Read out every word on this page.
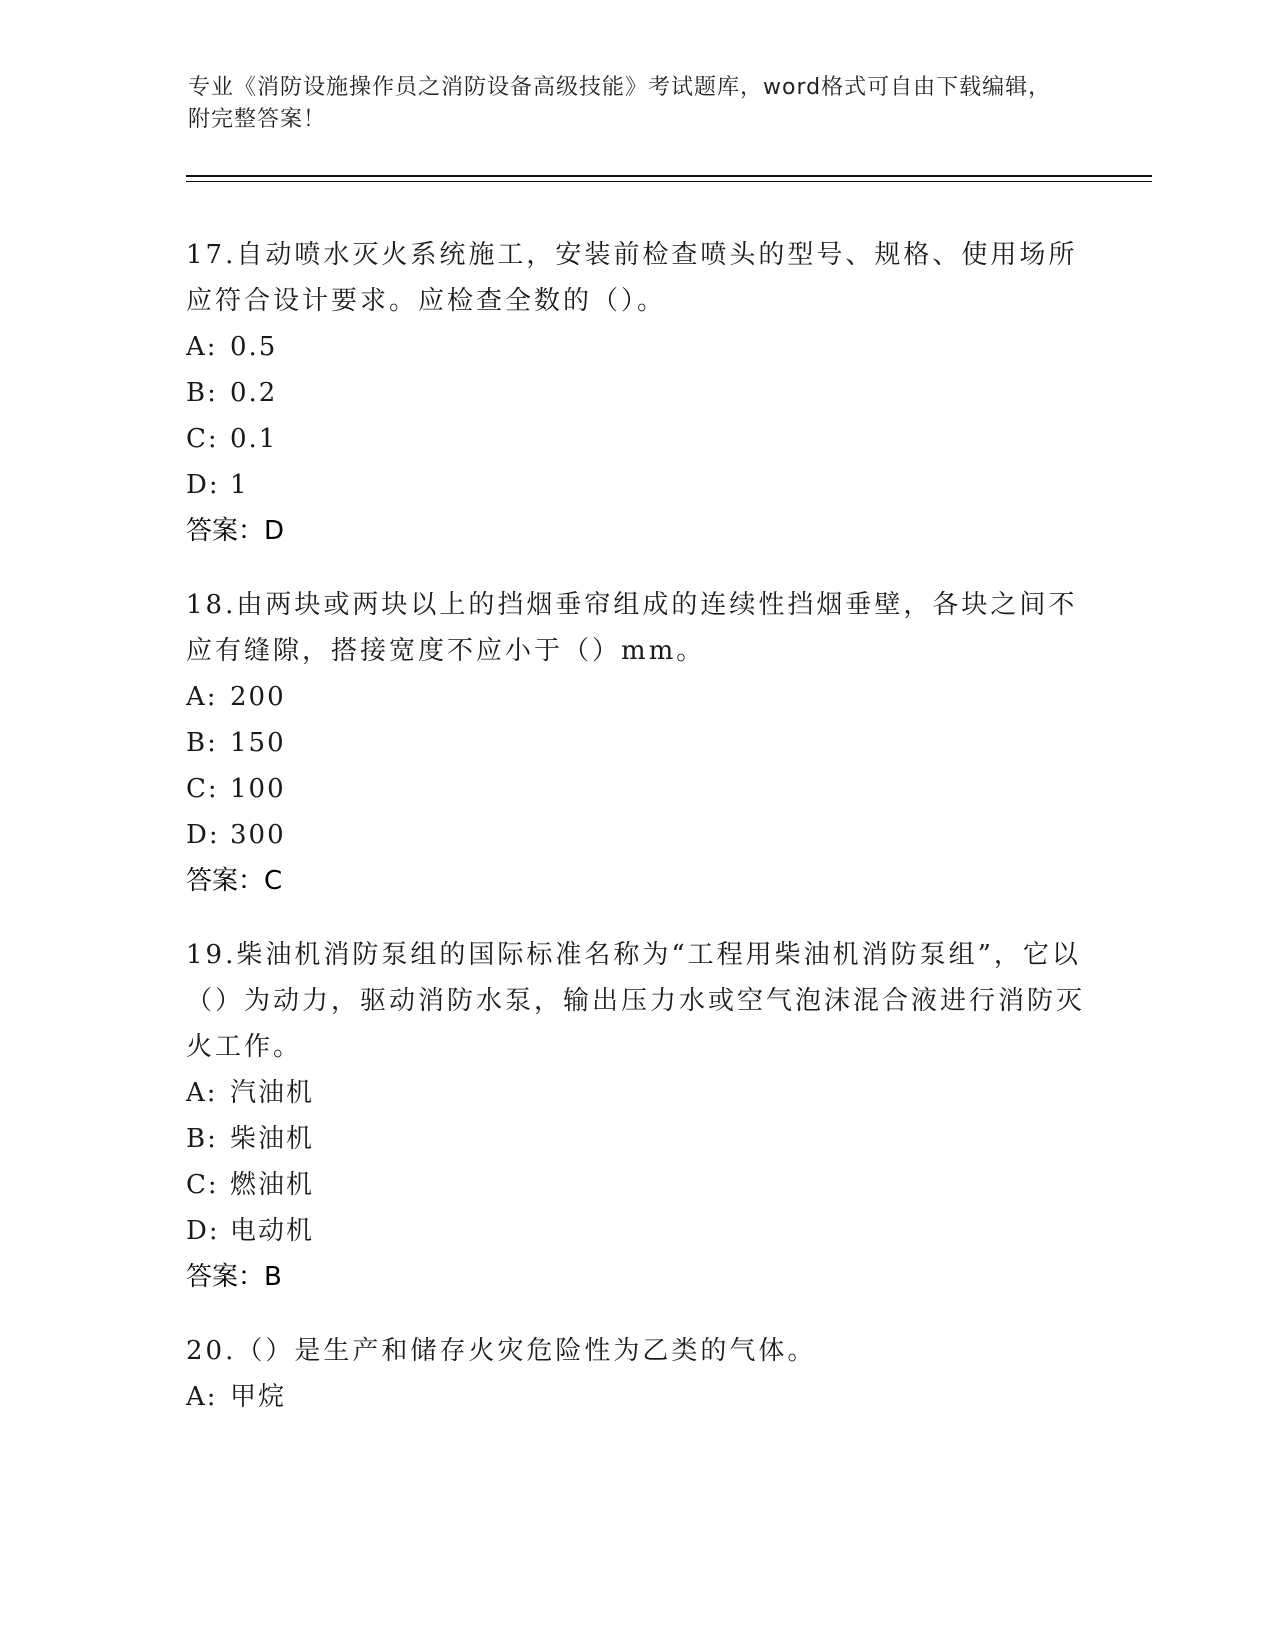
专业《消防设施操作员之消防设备高级技能》考试题库，word格式可自由下载编辑，附完整答案！

17.自动喷水灭火系统施工，安装前检查喷头的型号、规格、使用场所应符合设计要求。应检查全数的（）。

A: 0.5
B: 0.2
C: 0.1
D: 1
答案：D

18.由两块或两块以上的挡烟垂帘组成的连续性挡烟垂壁，各块之间不应有缝隙，搭接宽度不应小于（）mm。

A: 200
B: 150
C: 100
D: 300
答案：C

19.柴油机消防泵组的国际标准名称为“工程用柴油机消防泵组”，它以（）为动力，驱动消防水泵，输出压力水或空气泡沫混合液进行消防灭火工作。

A: 汽油机
B: 柴油机
C: 燃油机
D: 电动机
答案：B

20.（）是生产和储存火灾危险性为乙类的气体。

A: 甲烷
